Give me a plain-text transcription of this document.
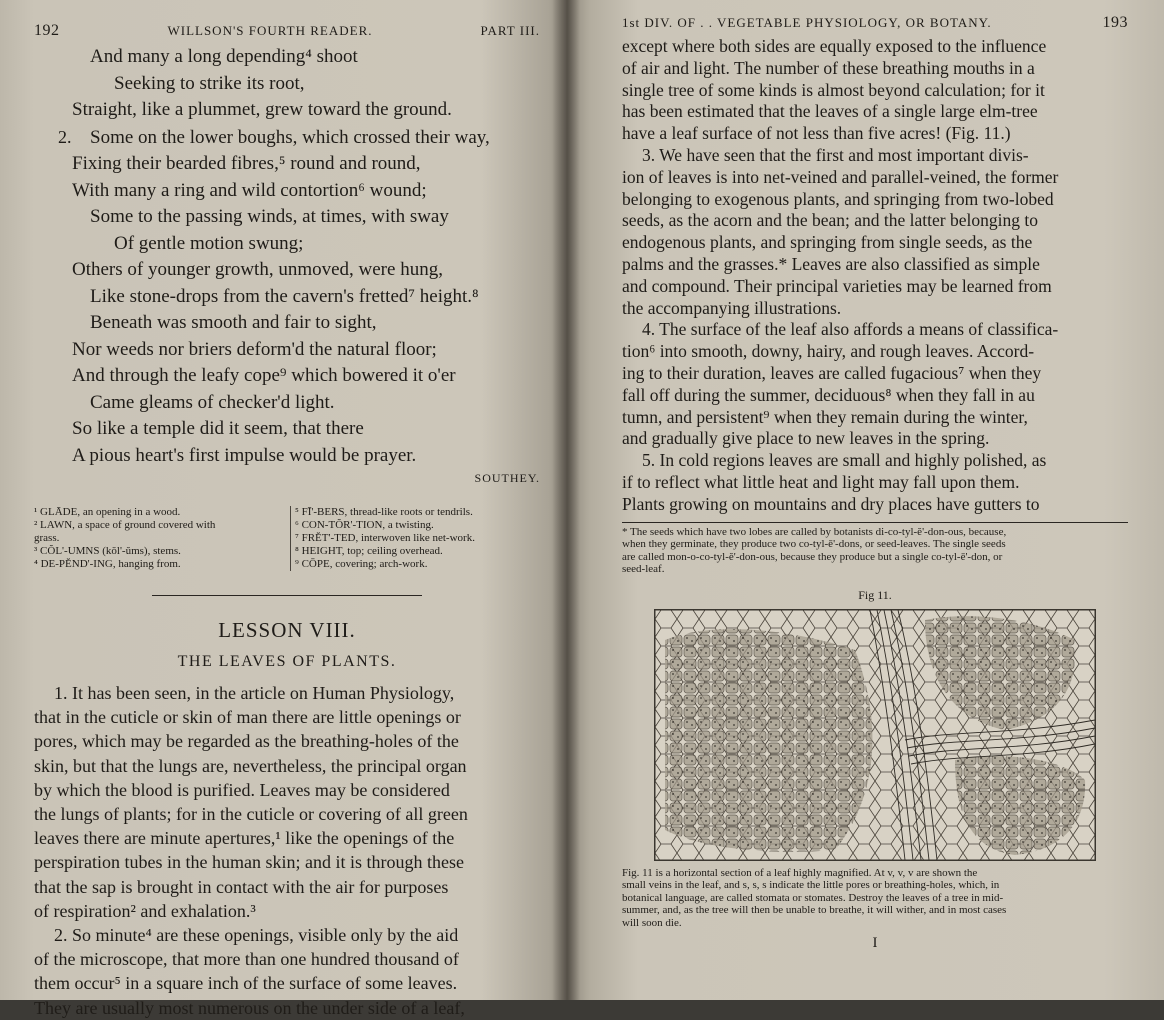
192	WILLSON'S FOURTH READER.	PART III.
And many a long depending⁴ shoot
Seeking to strike its root,
Straight, like a plummet, grew toward the ground.
2. Some on the lower boughs, which crossed their way,
Fixing their bearded fibres,⁵ round and round,
With many a ring and wild contortion⁶ wound;
Some to the passing winds, at times, with sway
Of gentle motion swung;
Others of younger growth, unmoved, were hung,
Like stone-drops from the cavern's fretted⁷ height.⁸
Beneath was smooth and fair to sight,
Nor weeds nor briers deform'd the natural floor;
And through the leafy cope⁹ which bowered it o'er
Came gleams of checker'd light.
So like a temple did it seem, that there
A pious heart's first impulse would be prayer.
SOUTHEY.
¹ GLĀDE, an opening in a wood.
² LAWN, a space of ground covered with
grass.
³ CŎL'-UMNS (kŏl'-ŭms), stems.
⁴ DE-PĔND'-ING, hanging from.
⁵ FĪ'-BERS, thread-like roots or tendrils.
⁶ CON-TŎR'-TION, a twisting.
⁷ FRĔT'-TED, interwoven like net-work.
⁸ HEIGHT, top; ceiling overhead.
⁹ CŌPE, covering; arch-work.
LESSON VIII.
THE LEAVES OF PLANTS.
1. It has been seen, in the article on Human Physiology,
that in the cuticle or skin of man there are little openings or
pores, which may be regarded as the breathing-holes of the
skin, but that the lungs are, nevertheless, the principal organ
by which the blood is purified. Leaves may be considered
the lungs of plants; for in the cuticle or covering of all green
leaves there are minute apertures,¹ like the openings of the
perspiration tubes in the human skin; and it is through these
that the sap is brought in contact with the air for purposes
of respiration² and exhalation.³
2. So minute⁴ are these openings, visible only by the aid
of the microscope, that more than one hundred thousand of
them occur⁵ in a square inch of the surface of some leaves.
They are usually most numerous on the under side of a leaf,
1st DIV. OF . . VEGETABLE PHYSIOLOGY, OR BOTANY.	193
except where both sides are equally exposed to the influence
of air and light. The number of these breathing mouths in a
single tree of some kinds is almost beyond calculation; for it
has been estimated that the leaves of a single large elm-tree
have a leaf surface of not less than five acres! (Fig. 11.)
3. We have seen that the first and most important divis-
ion of leaves is into net-veined and parallel-veined, the former
belonging to exogenous plants, and springing from two-lobed
seeds, as the acorn and the bean; and the latter belonging to
endogenous plants, and springing from single seeds, as the
palms and the grasses.* Leaves are also classified as simple
and compound. Their principal varieties may be learned from
the accompanying illustrations.
4. The surface of the leaf also affords a means of classifica-
tion⁶ into smooth, downy, hairy, and rough leaves. Accord-
ing to their duration, leaves are called fugacious⁷ when they
fall off during the summer, deciduous⁸ when they fall in au
tumn, and persistent⁹ when they remain during the winter,
and gradually give place to new leaves in the spring.
5. In cold regions leaves are small and highly polished, as
if to reflect what little heat and light may fall upon them.
Plants growing on mountains and dry places have gutters to
* The seeds which have two lobes are called by botanists di-co-tyl-ĕ'-don-ous, because,
when they germinate, they produce two co-tyl-ē'-dons, or seed-leaves. The single seeds
are called mon-o-co-tyl-ĕ'-don-ous, because they produce but a single co-tyl-ē'-don, or
seed-leaf.
Fig 11.
Fig. 11 is a horizontal section of a leaf highly magnified. At v, v, v are shown the
small veins in the leaf, and s, s, s indicate the little pores or breathing-holes, which, in
botanical language, are called stomata or stomates. Destroy the leaves of a tree in mid-
summer, and, as the tree will then be unable to breathe, it will wither, and in most cases
will soon die.
I
